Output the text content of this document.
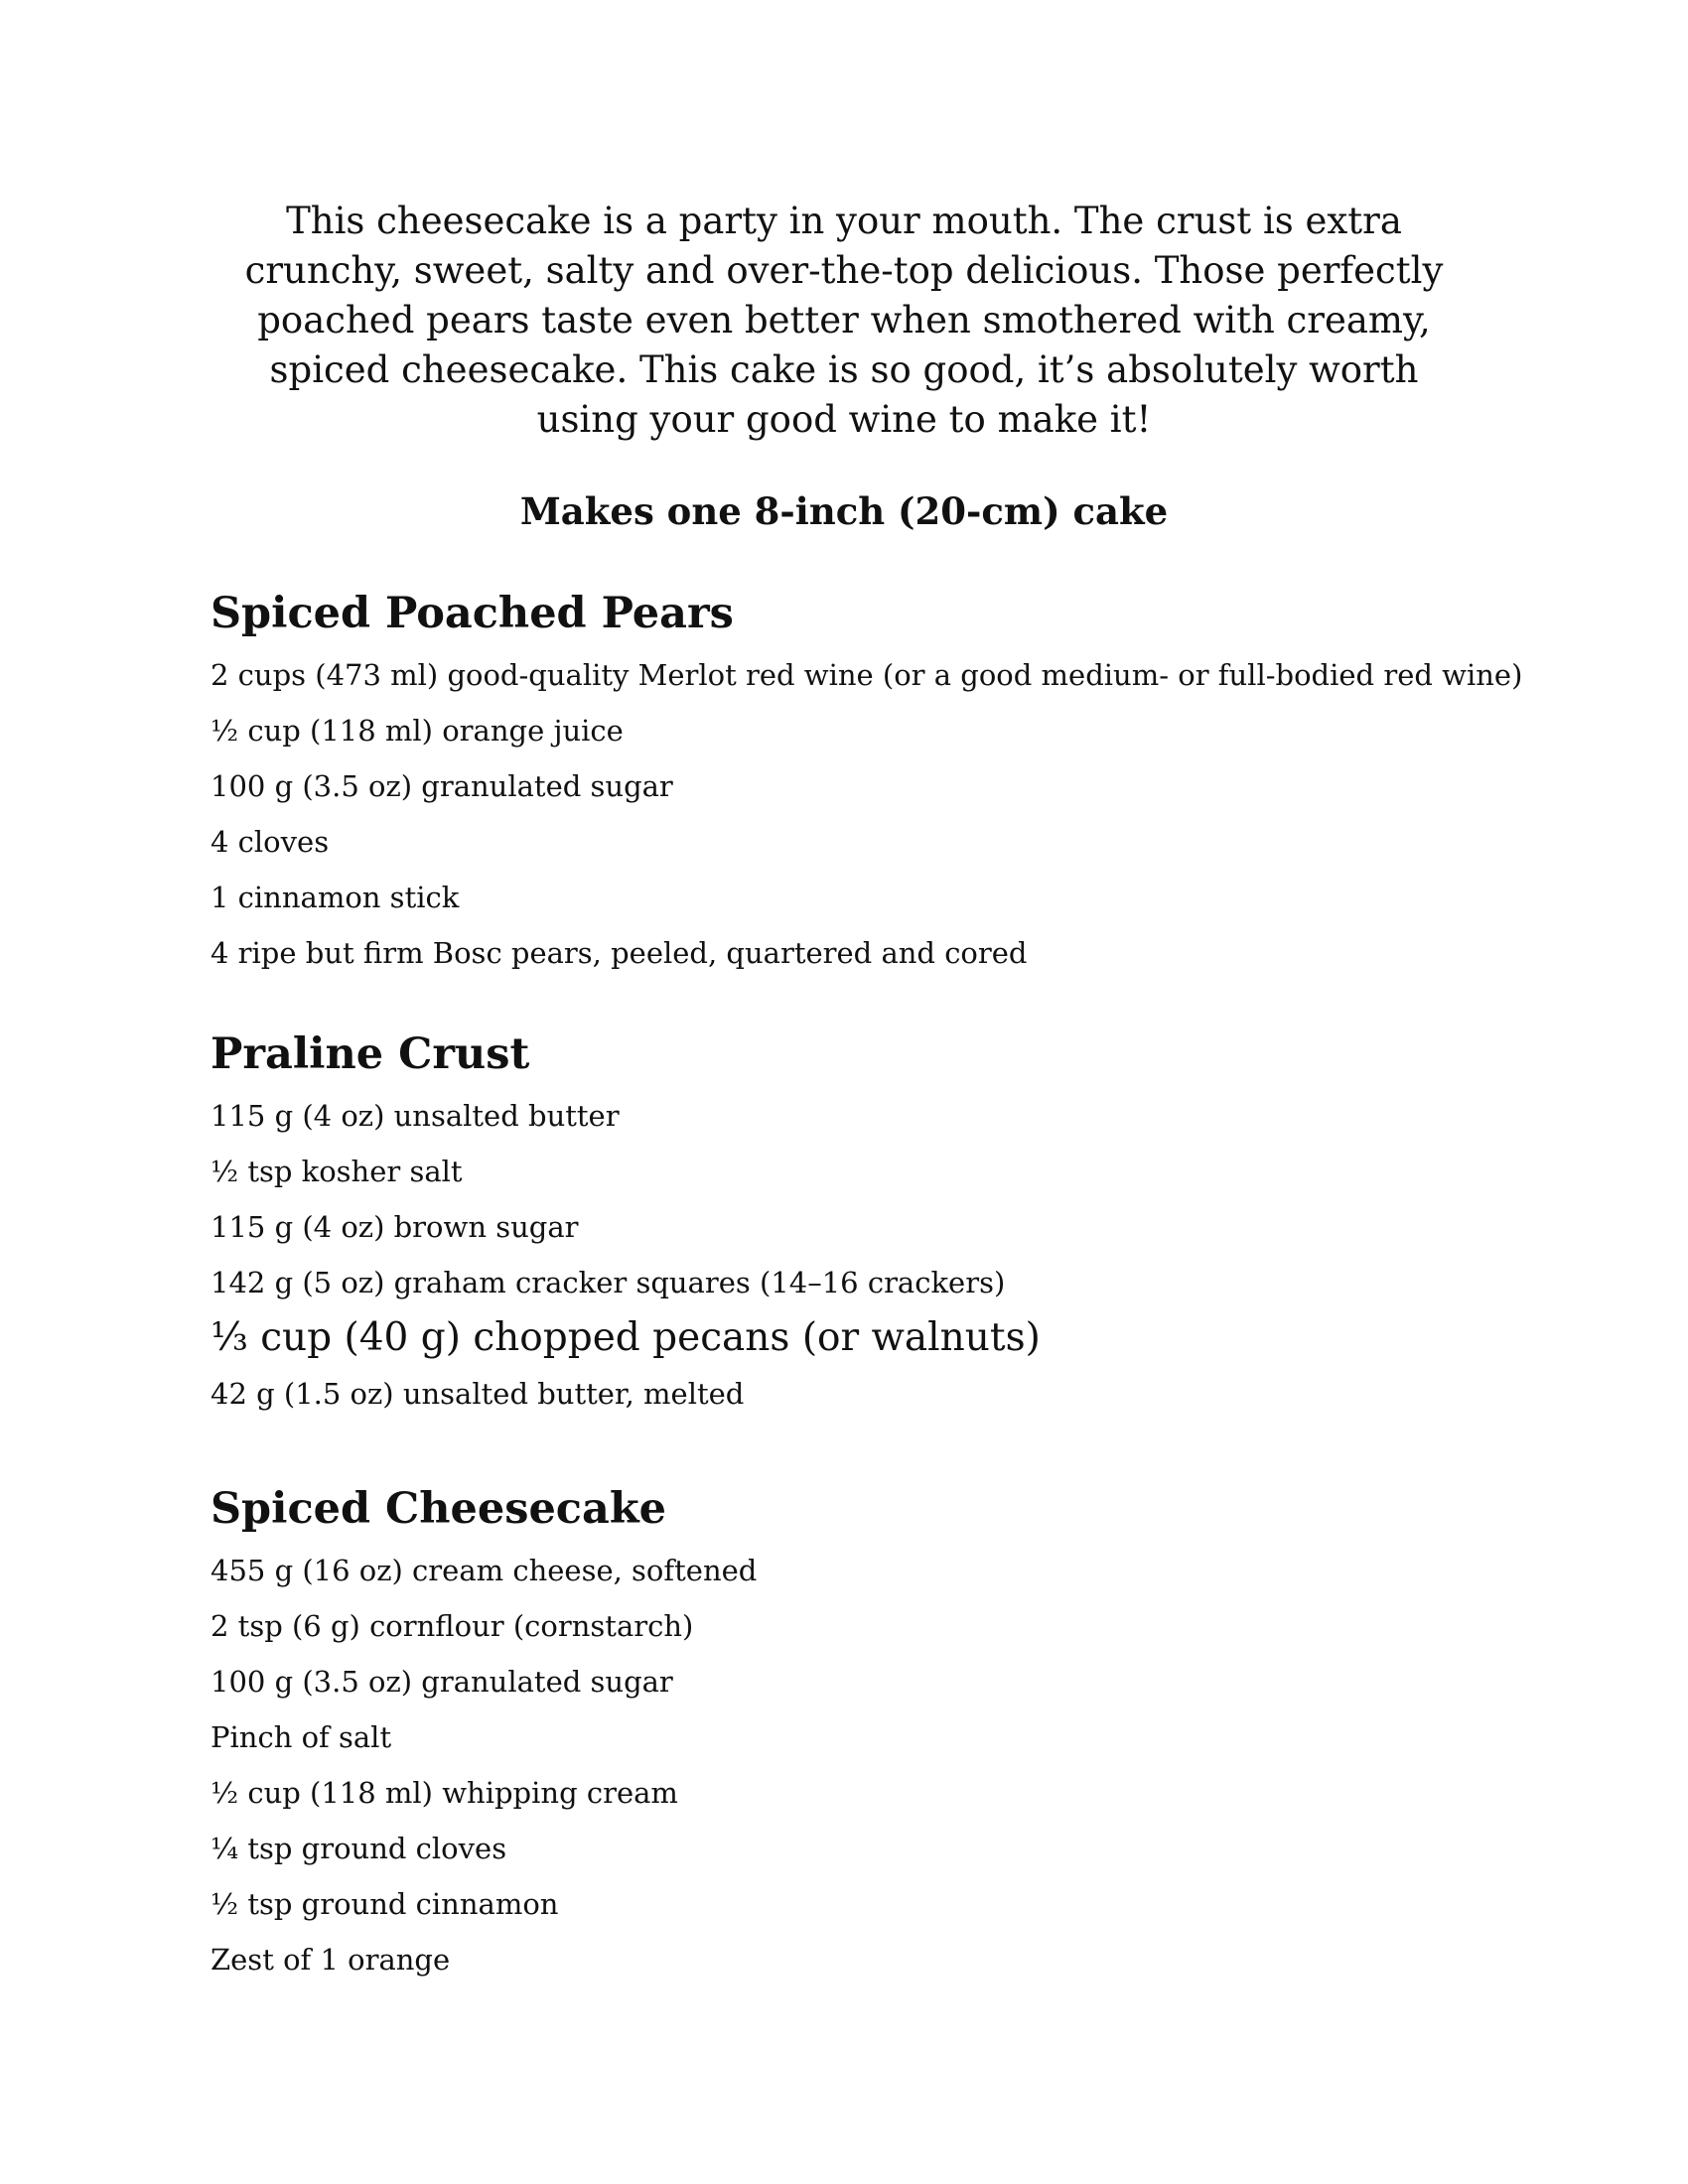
This cheesecake is a party in your mouth. The crust is extra crunchy, sweet, salty and over-the-top delicious. Those perfectly poached pears taste even better when smothered with creamy, spiced cheesecake. This cake is so good, it’s absolutely worth using your good wine to make it!

Makes one 8-inch (20-cm) cake

Spiced Poached Pears
2 cups (473 ml) good-quality Merlot red wine (or a good medium- or full-bodied red wine)
½ cup (118 ml) orange juice
100 g (3.5 oz) granulated sugar
4 cloves
1 cinnamon stick
4 ripe but firm Bosc pears, peeled, quartered and cored
Praline Crust
115 g (4 oz) unsalted butter
½ tsp kosher salt
115 g (4 oz) brown sugar
142 g (5 oz) graham cracker squares (14–16 crackers)
⅓ cup (40 g) chopped pecans (or walnuts)
42 g (1.5 oz) unsalted butter, melted
Spiced Cheesecake
455 g (16 oz) cream cheese, softened
2 tsp (6 g) cornflour (cornstarch)
100 g (3.5 oz) granulated sugar
Pinch of salt
½ cup (118 ml) whipping cream
¼ tsp ground cloves
½ tsp ground cinnamon
Zest of 1 orange
